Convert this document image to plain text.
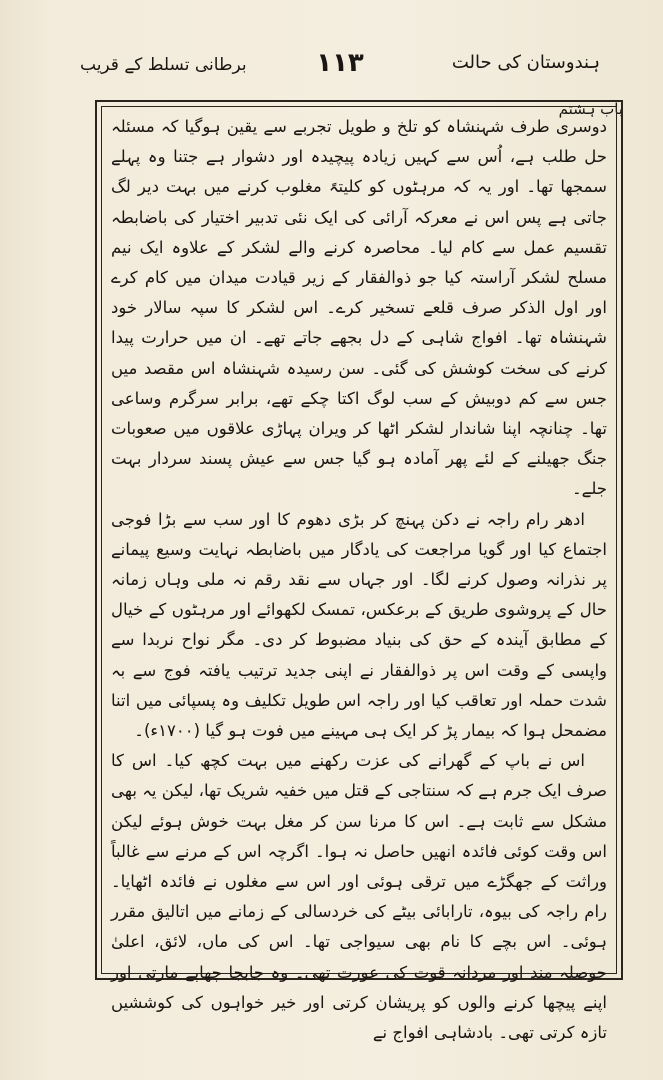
ہندوستان کی حالت
۱۱۳
برطانی تسلط کے قریب
باب ہشتم

دوسری طرف شہنشاہ کو تلخ و طویل تجربے سے یقین ہوگیا کہ مسئلہ حل طلب ہے، اُس سے کہیں زیادہ پیچیدہ اور دشوار ہے جتنا وہ پہلے سمجھا تھا۔ اور یہ کہ مرہٹوں کو کلیتہً مغلوب کرنے میں بہت دیر لگ جاتی ہے پس اس نے معرکہ آرائی کی ایک نئی تدبیر اختیار کی باضابطہ تقسیم عمل سے کام لیا۔ محاصرہ کرنے والے لشکر کے علاوہ ایک نیم مسلح لشکر آراستہ کیا جو ذوالفقار کے زیر قیادت میدان میں کام کرے اور اول الذکر صرف قلعے تسخیر کرے۔ اس لشکر کا سپہ سالار خود شہنشاہ تھا۔ افواج شاہی کے دل بجھے جاتے تھے۔ ان میں حرارت پیدا کرنے کی سخت کوشش کی گئی۔ سن رسیدہ شہنشاہ اس مقصد میں جس سے کم دوبیش کے سب لوگ اکتا چکے تھے، برابر سرگرم وساعی تھا۔ چنانچہ اپنا شاندار لشکر اٹھا کر ویران پہاڑی علاقوں میں صعوبات جنگ جھیلنے کے لئے پھر آمادہ ہو گیا جس سے عیش پسند سردار بہت جلے۔

ادھر رام راجہ نے دکن پہنچ کر بڑی دھوم کا اور سب سے بڑا فوجی اجتماع کیا اور گویا مراجعت کی یادگار میں باضابطہ نہایت وسیع پیمانے پر نذرانہ وصول کرنے لگا۔ اور جہاں سے نقد رقم نہ ملی وہاں زمانہ حال کے پروشوی طریق کے برعکس، تمسک لکھوائے اور مرہٹوں کے خیال کے مطابق آیندہ کے حق کی بنیاد مضبوط کر دی۔ مگر نواح نربدا سے واپسی کے وقت اس پر ذوالفقار نے اپنی جدید ترتیب یافتہ فوج سے بہ شدت حملہ اور تعاقب کیا اور راجہ اس طویل تکلیف وہ پسپائی میں اتنا مضمحل ہوا کہ بیمار پڑ کر ایک ہی مہینے میں فوت ہو گیا (۱۷۰۰ء)۔

اس نے باپ کے گھرانے کی عزت رکھنے میں بہت کچھ کیا۔ اس کا صرف ایک جرم ہے کہ سنتاجی کے قتل میں خفیہ شریک تھا، لیکن یہ بھی مشکل سے ثابت ہے۔ اس کا مرنا سن کر مغل بہت خوش ہوئے لیکن اس وقت کوئی فائدہ انھیں حاصل نہ ہوا۔ اگرچہ اس کے مرنے سے غالباً وراثت کے جھگڑے میں ترقی ہوئی اور اس سے مغلوں نے فائدہ اٹھایا۔ رام راجہ کی بیوہ، تارابائی بیٹے کی خردسالی کے زمانے میں اتالیق مقرر ہوئی۔ اس بچے کا نام بھی سیواجی تھا۔ اس کی ماں، لائق، اعلیٰ حوصلہ مند اور مردانہ قوت کی عورت تھی۔ وہ جابجا چھاپے مارتی اور اپنے پیچھا کرنے والوں کو پریشان کرتی اور خیر خواہوں کی کوششیں تازہ کرتی تھی۔ بادشاہی افواج نے
